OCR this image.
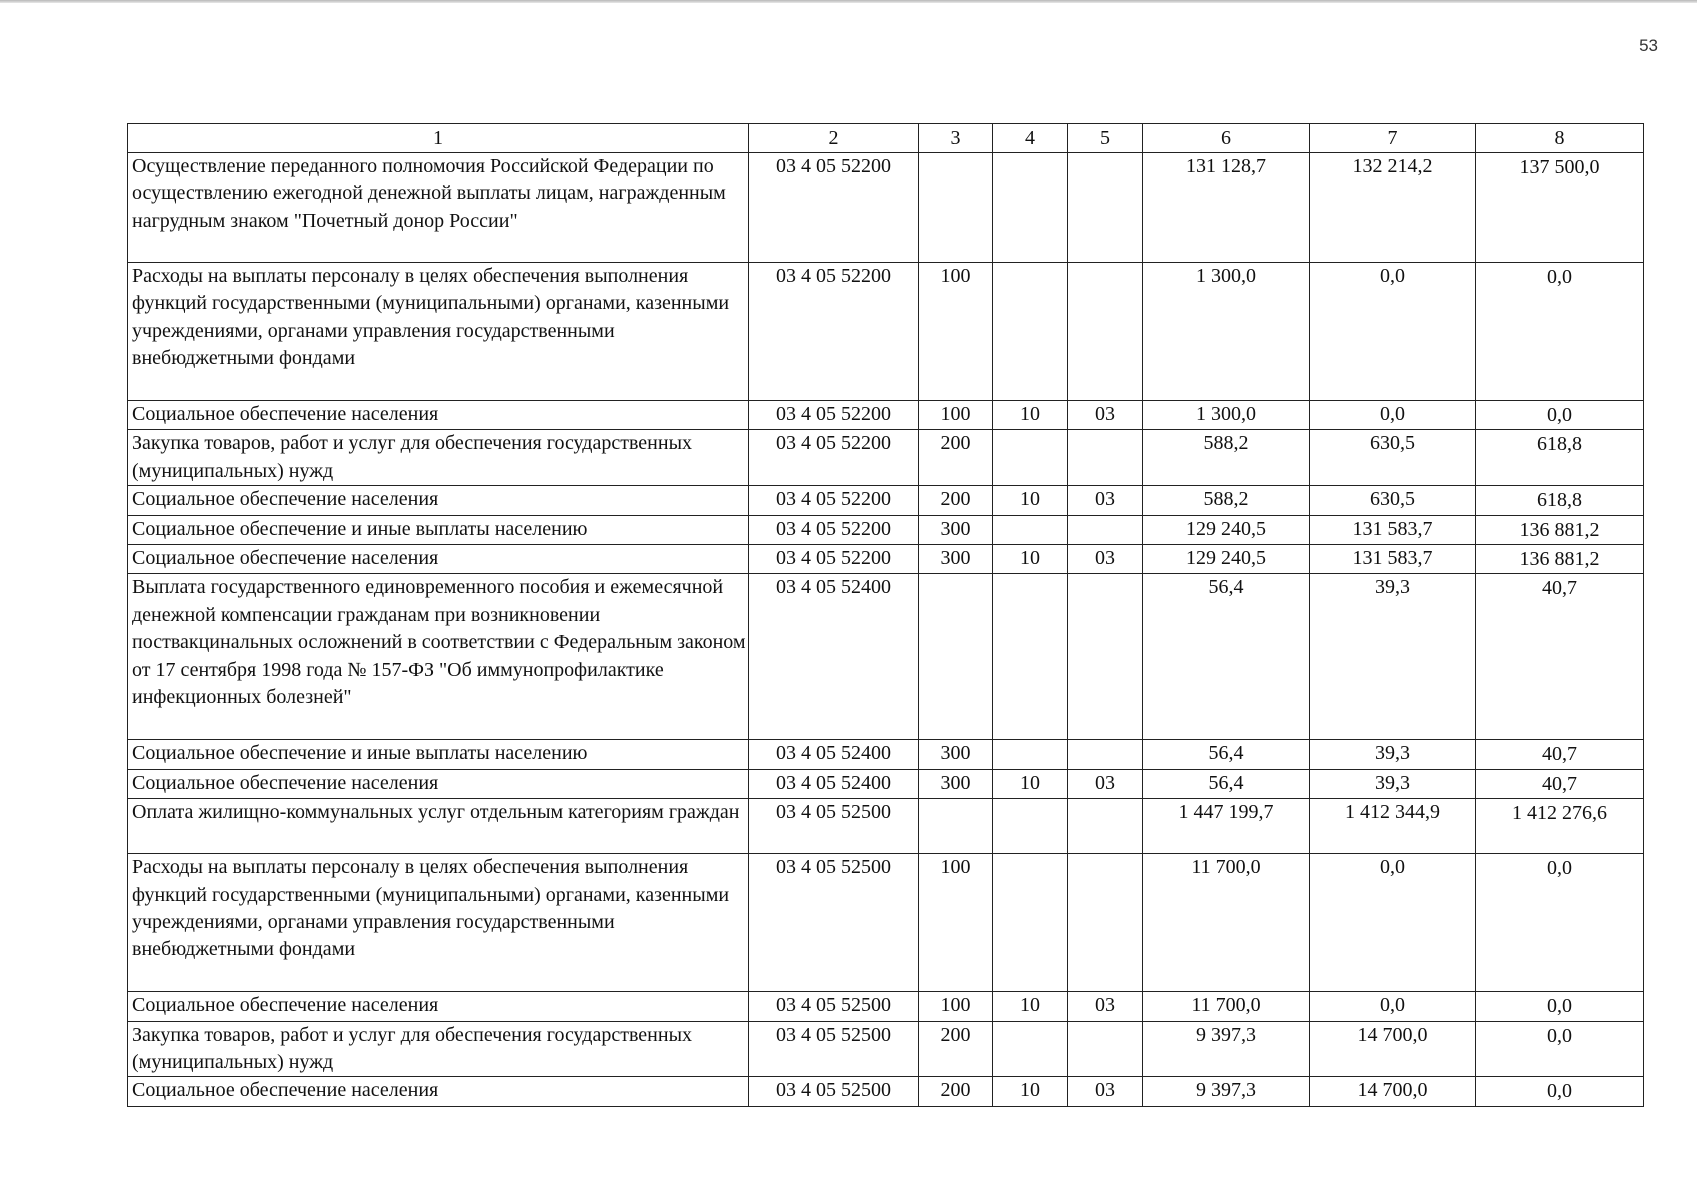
53
1	2	3	4	5	6	7	8
Осуществление переданного полномочия Российской Федерации по осуществлению ежегодной денежной выплаты лицам, награжденным нагрудным знаком "Почетный донор России"	03 4 05 52200				131 128,7	132 214,2	137 500,0
Расходы на выплаты персоналу в целях обеспечения выполнения функций государственными (муниципальными) органами, казенными учреждениями, органами управления государственными внебюджетными фондами	03 4 05 52200	100			1 300,0	0,0	0,0
Социальное обеспечение населения	03 4 05 52200	100	10	03	1 300,0	0,0	0,0
Закупка товаров, работ и услуг для обеспечения государственных (муниципальных) нужд	03 4 05 52200	200			588,2	630,5	618,8
Социальное обеспечение населения	03 4 05 52200	200	10	03	588,2	630,5	618,8
Социальное обеспечение и иные выплаты населению	03 4 05 52200	300			129 240,5	131 583,7	136 881,2
Социальное обеспечение населения	03 4 05 52200	300	10	03	129 240,5	131 583,7	136 881,2
Выплата государственного единовременного пособия и ежемесячной денежной компенсации гражданам при возникновении поствакцинальных осложнений в соответствии с Федеральным законом от 17 сентября 1998 года № 157-ФЗ "Об иммунопрофилактике инфекционных болезней"	03 4 05 52400				56,4	39,3	40,7
Социальное обеспечение и иные выплаты населению	03 4 05 52400	300			56,4	39,3	40,7
Социальное обеспечение населения	03 4 05 52400	300	10	03	56,4	39,3	40,7
Оплата жилищно-коммунальных услуг отдельным категориям граждан	03 4 05 52500				1 447 199,7	1 412 344,9	1 412 276,6
Расходы на выплаты персоналу в целях обеспечения выполнения функций государственными (муниципальными) органами, казенными учреждениями, органами управления государственными внебюджетными фондами	03 4 05 52500	100			11 700,0	0,0	0,0
Социальное обеспечение населения	03 4 05 52500	100	10	03	11 700,0	0,0	0,0
Закупка товаров, работ и услуг для обеспечения государственных (муниципальных) нужд	03 4 05 52500	200			9 397,3	14 700,0	0,0
Социальное обеспечение населения	03 4 05 52500	200	10	03	9 397,3	14 700,0	0,0
